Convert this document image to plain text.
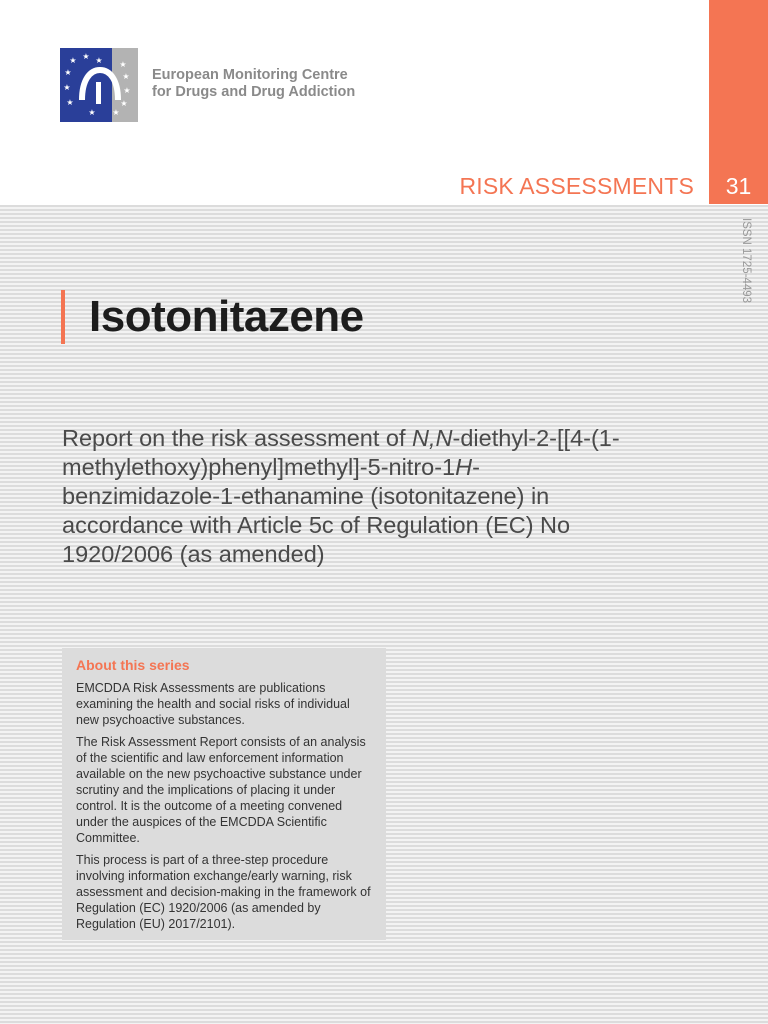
31
RISK ASSESSMENTS
★
★ ★
★
★
★
★	★
★	★
★ ★
European Monitoring Centre
for Drugs and Drug Addiction
ISSN 1725-4493
Isotonitazene

Report on the risk assessment of N,N-diethyl-2-[[4-(1-methylethoxy)phenyl]methyl]-5-nitro-1H-benzimidazole-1-ethanamine (isotonitazene) in accordance with Article 5c of Regulation (EC) No 1920/2006 (as amended)

About this series

EMCDDA Risk Assessments are publications examining the health and social risks of individual new psychoactive substances.

The Risk Assessment Report consists of an analysis of the scientific and law enforcement information available on the new psychoactive substance under scrutiny and the implications of placing it under control. It is the outcome of a meeting convened under the auspices of the EMCDDA Scientific Committee.

This process is part of a three-step procedure involving information exchange/early warning, risk assessment and decision-making in the framework of Regulation (EC) 1920/2006 (as amended by Regulation (EU) 2017/2101).
